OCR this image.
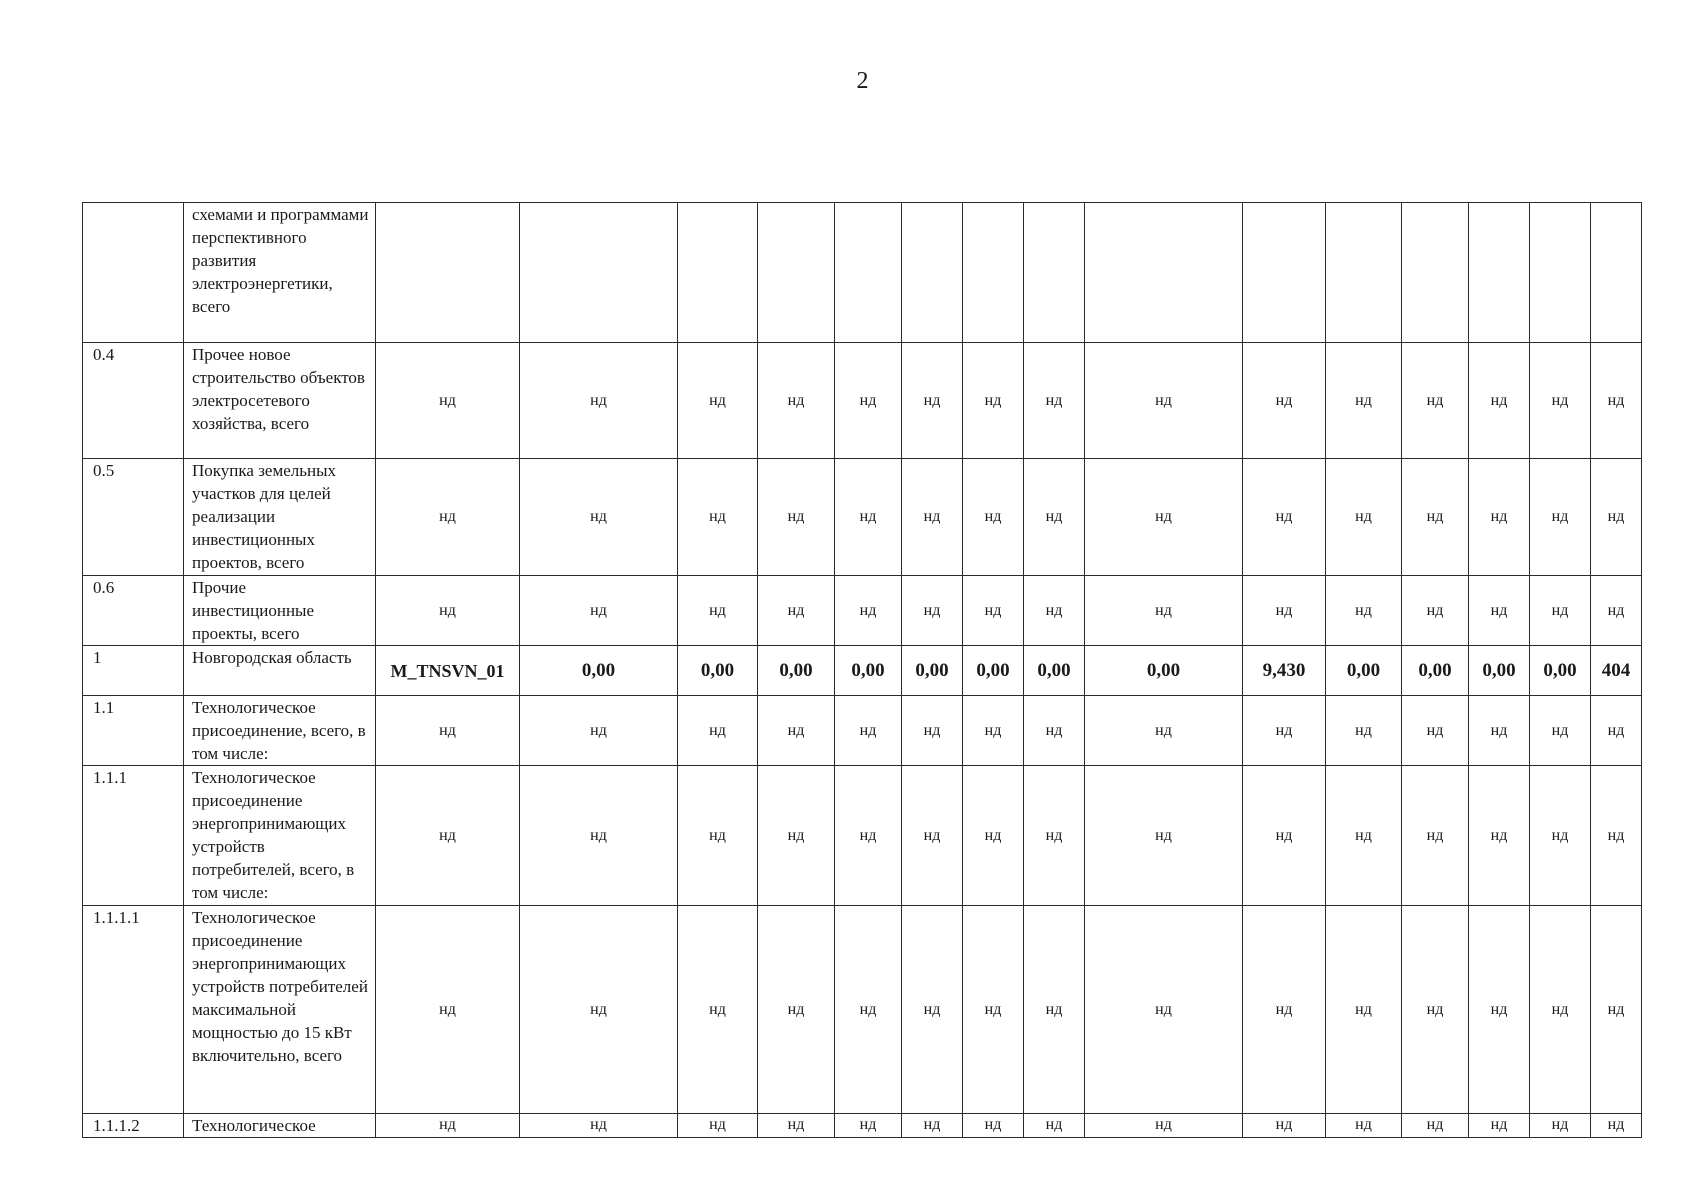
2
	схемами и программами перспективного развития электроэнергетики, всего															
0.4	Прочее новое строительство объектов электросетевого хозяйства, всего	нд	нд	нд	нд	нд	нд	нд	нд	нд	нд	нд	нд	нд	нд	нд
0.5	Покупка земельных участков для целей реализации инвестиционных проектов, всего	нд	нд	нд	нд	нд	нд	нд	нд	нд	нд	нд	нд	нд	нд	нд
0.6	Прочие инвестиционные проекты, всего	нд	нд	нд	нд	нд	нд	нд	нд	нд	нд	нд	нд	нд	нд	нд
1	Новгородская область	M_TNSVN_01	0,00	0,00	0,00	0,00	0,00	0,00	0,00	0,00	9,430	0,00	0,00	0,00	0,00	404
1.1	Технологическое присоединение, всего, в том числе:	нд	нд	нд	нд	нд	нд	нд	нд	нд	нд	нд	нд	нд	нд	нд
1.1.1	Технологическое присоединение энергопринимающих устройств потребителей, всего, в том числе:	нд	нд	нд	нд	нд	нд	нд	нд	нд	нд	нд	нд	нд	нд	нд
1.1.1.1	Технологическое присоединение энергопринимающих устройств потребителей максимальной мощностью до 15 кВт включительно, всего	нд	нд	нд	нд	нд	нд	нд	нд	нд	нд	нд	нд	нд	нд	нд
1.1.1.2	Технологическое	нд	нд	нд	нд	нд	нд	нд	нд	нд	нд	нд	нд	нд	нд	нд
